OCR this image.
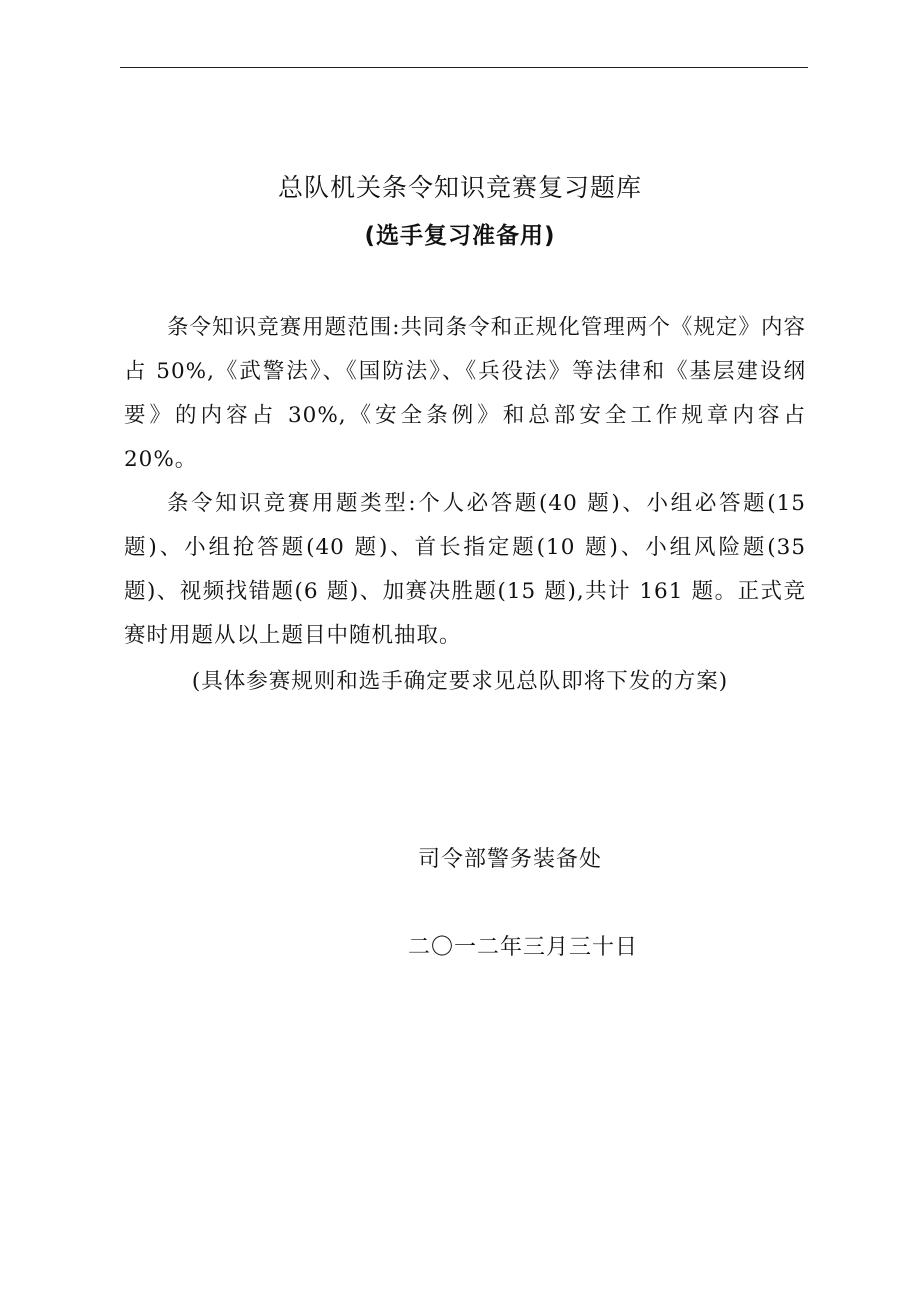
总队机关条令知识竞赛复习题库
(选手复习准备用)

条令知识竞赛用题范围:共同条令和正规化管理两个《规定》内容占 50%,《武警法》、《国防法》、《兵役法》等法律和《基层建设纲要》的内容占 30%,《安全条例》和总部安全工作规章内容占 20%。

条令知识竞赛用题类型:个人必答题(40 题)、小组必答题(15 题)、小组抢答题(40 题)、首长指定题(10 题)、小组风险题(35 题)、视频找错题(6 题)、加赛决胜题(15 题),共计 161 题。正式竞赛时用题从以上题目中随机抽取。

(具体参赛规则和选手确定要求见总队即将下发的方案)

司令部警务装备处

二〇一二年三月三十日
